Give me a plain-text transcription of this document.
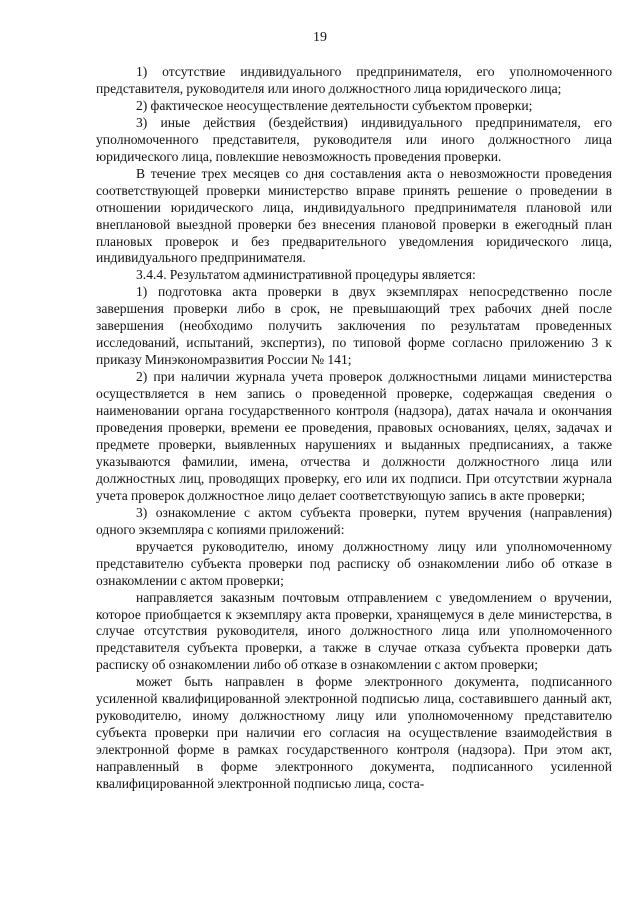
19

1) отсутствие индивидуального предпринимателя, его уполномоченного представителя, руководителя или иного должностного лица юридического лица;

2) фактическое неосуществление деятельности субъектом проверки;

3) иные действия (бездействия) индивидуального предпринимателя, его уполномоченного представителя, руководителя или иного должностного лица юридического лица, повлекшие невозможность проведения проверки.

В течение трех месяцев со дня составления акта о невозможности проведения соответствующей проверки министерство вправе принять решение о проведении в отношении юридического лица, индивидуального предпринимателя плановой или внеплановой выездной проверки без внесения плановой проверки в ежегодный план плановых проверок и без предварительного уведомления юридического лица, индивидуального предпринимателя.

3.4.4. Результатом административной процедуры является:

1) подготовка акта проверки в двух экземплярах непосредственно после завершения проверки либо в срок, не превышающий трех рабочих дней после завершения (необходимо получить заключения по результатам проведенных исследований, испытаний, экспертиз), по типовой форме согласно приложению 3 к приказу Минэкономразвития России № 141;

2) при наличии журнала учета проверок должностными лицами министерства осуществляется в нем запись о проведенной проверке, содержащая сведения о наименовании органа государственного контроля (надзора), датах начала и окончания проведения проверки, времени ее проведения, правовых основаниях, целях, задачах и предмете проверки, выявленных нарушениях и выданных предписаниях, а также указываются фамилии, имена, отчества и должности должностного лица или должностных лиц, проводящих проверку, его или их подписи. При отсутствии журнала учета проверок должностное лицо делает соответствующую запись в акте проверки;

3) ознакомление с актом субъекта проверки, путем вручения (направления) одного экземпляра с копиями приложений:

вручается руководителю, иному должностному лицу или уполномоченному представителю субъекта проверки под расписку об ознакомлении либо об отказе в ознакомлении с актом проверки;

направляется заказным почтовым отправлением с уведомлением о вручении, которое приобщается к экземпляру акта проверки, хранящемуся в деле министерства, в случае отсутствия руководителя, иного должностного лица или уполномоченного представителя субъекта проверки, а также в случае отказа субъекта проверки дать расписку об ознакомлении либо об отказе в ознакомлении с актом проверки;

может быть направлен в форме электронного документа, подписанного усиленной квалифицированной электронной подписью лица, составившего данный акт, руководителю, иному должностному лицу или уполномоченному представителю субъекта проверки при наличии его согласия на осуществление взаимодействия в электронной форме в рамках государственного контроля (надзора). При этом акт, направленный в форме электронного документа, подписанного усиленной квалифицированной электронной подписью лица, соста-
